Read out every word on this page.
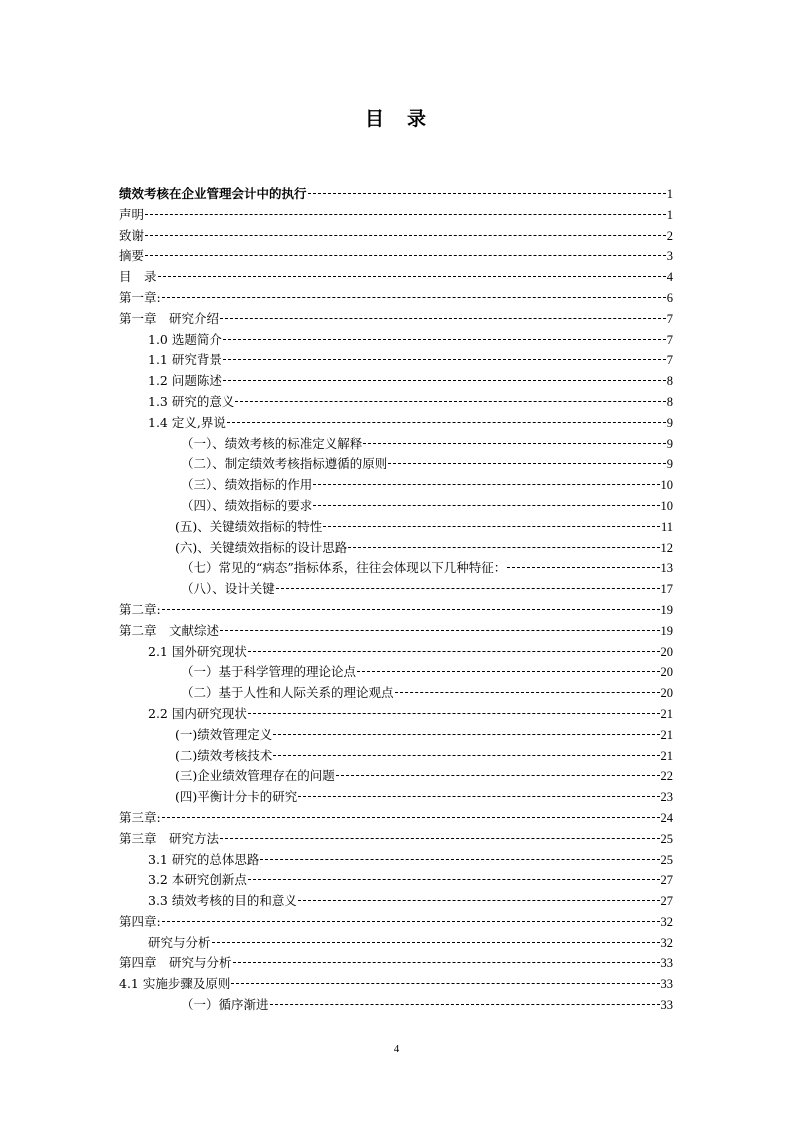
目　录
绩效考核在企业管理会计中的执行	1
声明	1
致谢	2
摘要	3
目　录	4
第一章:	6
第一章　研究介绍	7
1.0 选题简介	7
1.1 研究背景	7
1.2 问题陈述	8
1.3 研究的意义	8
1.4 定义,界说	9
（一）、绩效考核的标准定义解释	9
（二）、制定绩效考核指标遵循的原则	9
（三）、绩效指标的作用	10
（四）、绩效指标的要求	10
(五)、关键绩效指标的特性	11
(六)、关键绩效指标的设计思路	12
（七）常见的“病态”指标体系，往往会体现以下几种特征：	13
（八）、设计关键	17
第二章:	19
第二章　文献综述	19
2.1 国外研究现状	20
（一）基于科学管理的理论论点	20
（二）基于人性和人际关系的理论观点	20
2.2 国内研究现状	21
(一)绩效管理定义	21
(二)绩效考核技术	21
(三)企业绩效管理存在的问题	22
(四)平衡计分卡的研究	23
第三章:	24
第三章　研究方法	25
3.1 研究的总体思路	25
3.2 本研究创新点	27
3.3 绩效考核的目的和意义	27
第四章:	32
研究与分析	32
第四章　研究与分析	33
4.1 实施步骤及原则	33
（一）循序渐进	33
4
